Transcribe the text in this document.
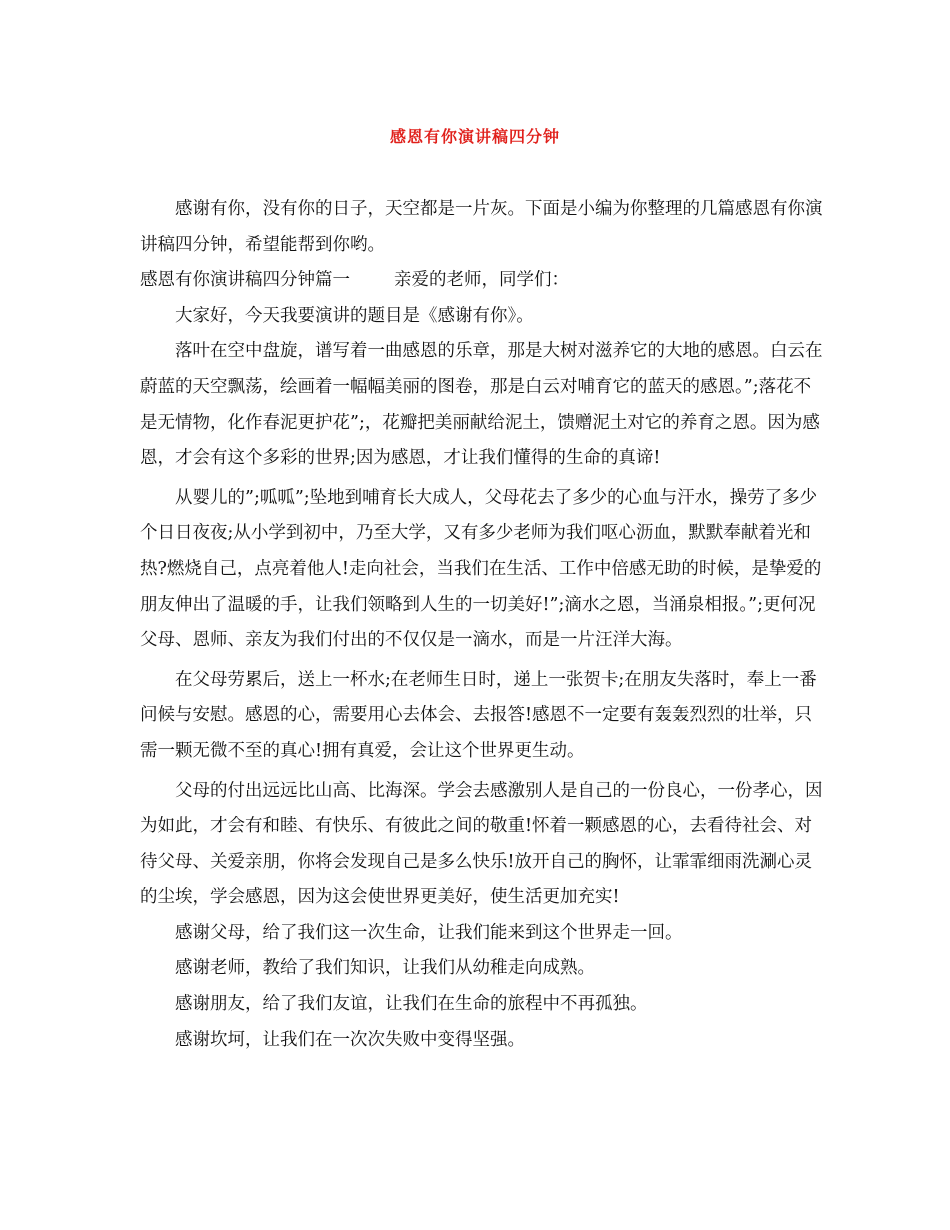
感恩有你演讲稿四分钟

感谢有你，没有你的日子，天空都是一片灰。下面是小编为你整理的几篇感恩有你演讲稿四分钟，希望能帮到你哟。

感恩有你演讲稿四分钟篇一	亲爱的老师，同学们：

大家好，今天我要演讲的题目是《感谢有你》。

落叶在空中盘旋，谱写着一曲感恩的乐章，那是大树对滋养它的大地的感恩。白云在蔚蓝的天空飘荡，绘画着一幅幅美丽的图卷，那是白云对哺育它的蓝天的感恩。”;落花不是无情物，化作春泥更护花”;，花瓣把美丽献给泥土，馈赠泥土对它的养育之恩。因为感恩，才会有这个多彩的世界;因为感恩，才让我们懂得的生命的真谛!

从婴儿的”;呱呱”;坠地到哺育长大成人，父母花去了多少的心血与汗水，操劳了多少个日日夜夜;从小学到初中，乃至大学，又有多少老师为我们呕心沥血，默默奉献着光和热?燃烧自己，点亮着他人!走向社会，当我们在生活、工作中倍感无助的时候，是挚爱的朋友伸出了温暖的手，让我们领略到人生的一切美好!”;滴水之恩，当涌泉相报。”;更何况父母、恩师、亲友为我们付出的不仅仅是一滴水，而是一片汪洋大海。

在父母劳累后，送上一杯水;在老师生日时，递上一张贺卡;在朋友失落时，奉上一番问候与安慰。感恩的心，需要用心去体会、去报答!感恩不一定要有轰轰烈烈的壮举，只需一颗无微不至的真心!拥有真爱，会让这个世界更生动。

父母的付出远远比山高、比海深。学会去感激别人是自己的一份良心，一份孝心，因为如此，才会有和睦、有快乐、有彼此之间的敬重!怀着一颗感恩的心，去看待社会、对待父母、关爱亲朋，你将会发现自己是多么快乐!放开自己的胸怀，让霏霏细雨洗涮心灵的尘埃，学会感恩，因为这会使世界更美好，使生活更加充实!

感谢父母，给了我们这一次生命，让我们能来到这个世界走一回。

感谢老师，教给了我们知识，让我们从幼稚走向成熟。

感谢朋友，给了我们友谊，让我们在生命的旅程中不再孤独。

感谢坎坷，让我们在一次次失败中变得坚强。
